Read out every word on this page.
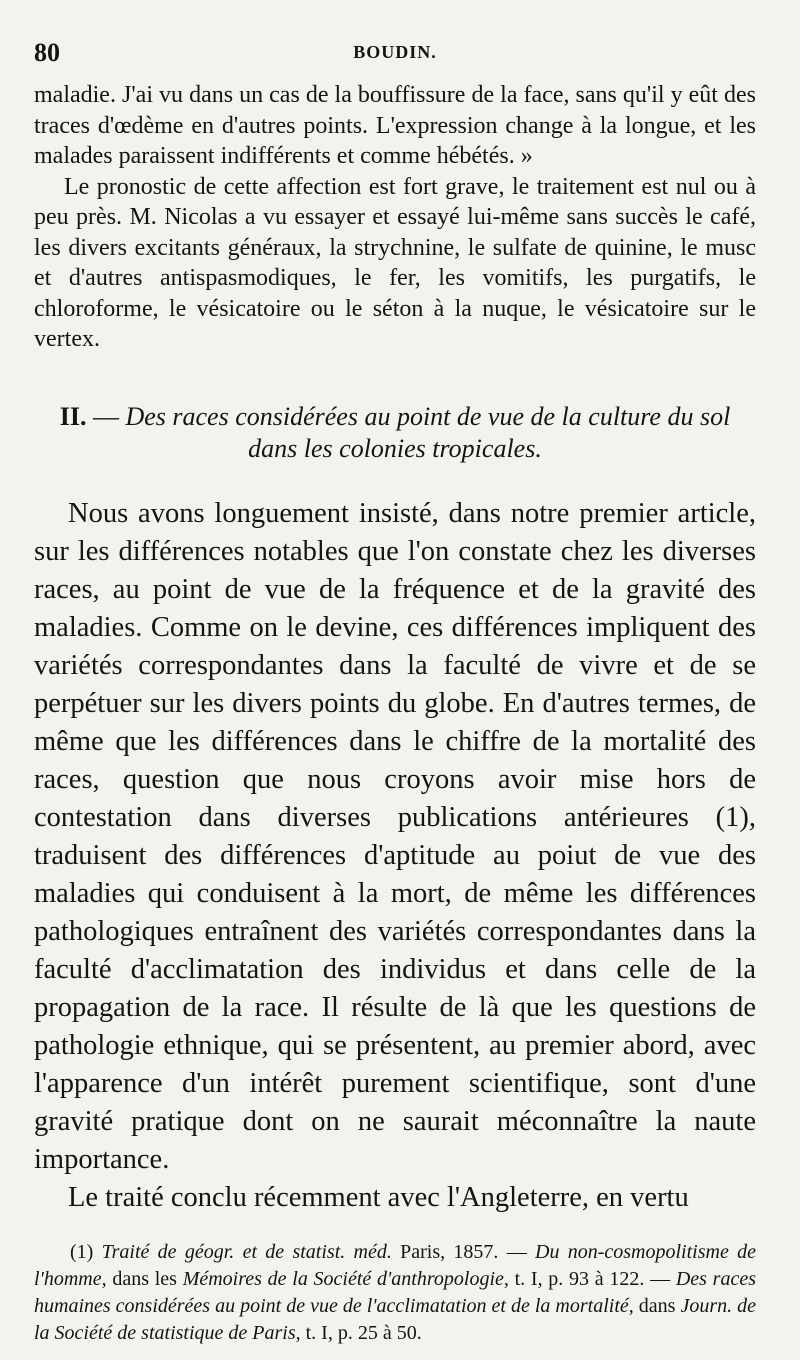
80	BOUDIN.

maladie. J'ai vu dans un cas de la bouffissure de la face, sans qu'il y eût des traces d'œdème en d'autres points. L'expression change à la longue, et les malades paraissent indifférents et comme hébétés. »

Le pronostic de cette affection est fort grave, le traitement est nul ou à peu près. M. Nicolas a vu essayer et essayé lui-même sans succès le café, les divers excitants généraux, la strychnine, le sulfate de quinine, le musc et d'autres antispasmodiques, le fer, les vomitifs, les purgatifs, le chloroforme, le vésicatoire ou le séton à la nuque, le vésicatoire sur le vertex.

II. — Des races considérées au point de vue de la culture du sol
dans les colonies tropicales.

Nous avons longuement insisté, dans notre premier article, sur les différences notables que l'on constate chez les diverses races, au point de vue de la fréquence et de la gravité des maladies. Comme on le devine, ces différences impliquent des variétés correspondantes dans la faculté de vivre et de se perpétuer sur les divers points du globe. En d'autres termes, de même que les différences dans le chiffre de la mortalité des races, question que nous croyons avoir mise hors de contestation dans diverses publications antérieures (1), traduisent des différences d'aptitude au poiut de vue des maladies qui conduisent à la mort, de même les différences pathologiques entraînent des variétés correspondantes dans la faculté d'acclimatation des individus et dans celle de la propagation de la race. Il résulte de là que les questions de pathologie ethnique, qui se présentent, au premier abord, avec l'apparence d'un intérêt purement scientifique, sont d'une gravité pratique dont on ne saurait méconnaître la naute importance.

Le traité conclu récemment avec l'Angleterre, en vertu

(1) Traité de géogr. et de statist. méd. Paris, 1857. — Du non-cosmopolitisme de l'homme, dans les Mémoires de la Société d'anthropologie, t. I, p. 93 à 122. — Des races humaines considérées au point de vue de l'acclimatation et de la mortalité, dans Journ. de la Société de statistique de Paris, t. I, p. 25 à 50.
